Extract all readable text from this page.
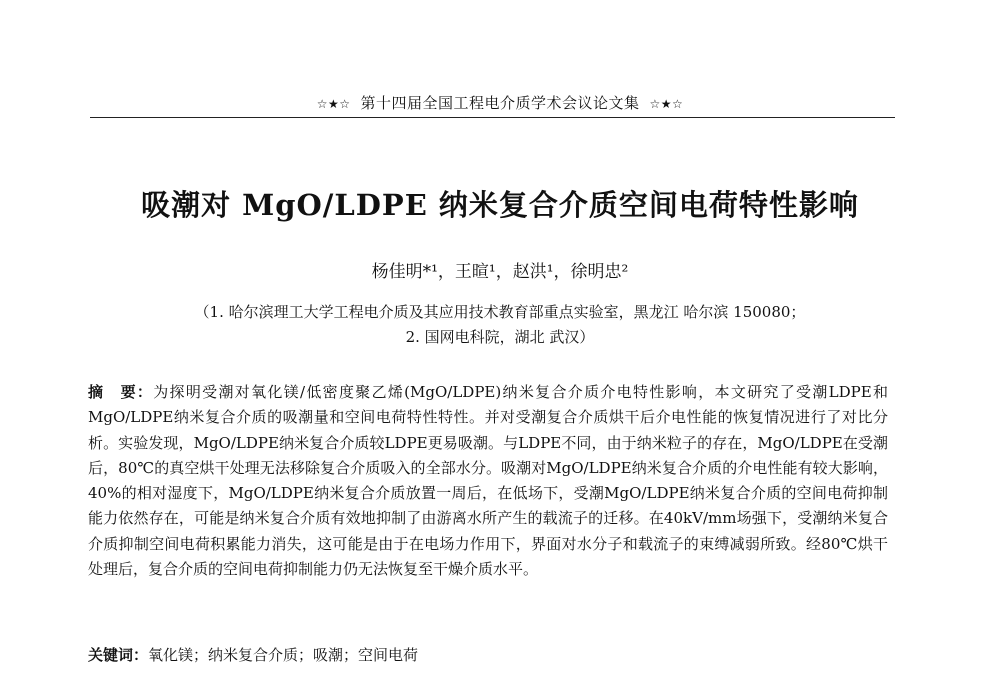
☆★☆ 第十四届全国工程电介质学术会议论文集 ☆★☆
吸潮对 MgO/LDPE 纳米复合介质空间电荷特性影响
杨佳明*¹，王暄¹，赵洪¹，徐明忠²
（1. 哈尔滨理工大学工程电介质及其应用技术教育部重点实验室，黑龙江 哈尔滨 150080；
2. 国网电科院，湖北 武汉）
摘　要：为探明受潮对氧化镁/低密度聚乙烯(MgO/LDPE)纳米复合介质介电特性影响，本文研究了受潮LDPE和MgO/LDPE纳米复合介质的吸潮量和空间电荷特性特性。并对受潮复合介质烘干后介电性能的恢复情况进行了对比分析。实验发现，MgO/LDPE纳米复合介质较LDPE更易吸潮。与LDPE不同，由于纳米粒子的存在，MgO/LDPE在受潮后，80℃的真空烘干处理无法移除复合介质吸入的全部水分。吸潮对MgO/LDPE纳米复合介质的介电性能有较大影响，40%的相对湿度下，MgO/LDPE纳米复合介质放置一周后，在低场下，受潮MgO/LDPE纳米复合介质的空间电荷抑制能力依然存在，可能是纳米复合介质有效地抑制了由游离水所产生的载流子的迁移。在40kV/mm场强下，受潮纳米复合介质抑制空间电荷积累能力消失，这可能是由于在电场力作用下，界面对水分子和载流子的束缚减弱所致。经80℃烘干处理后，复合介质的空间电荷抑制能力仍无法恢复至干燥介质水平。
关键词：氧化镁；纳米复合介质；吸潮；空间电荷
